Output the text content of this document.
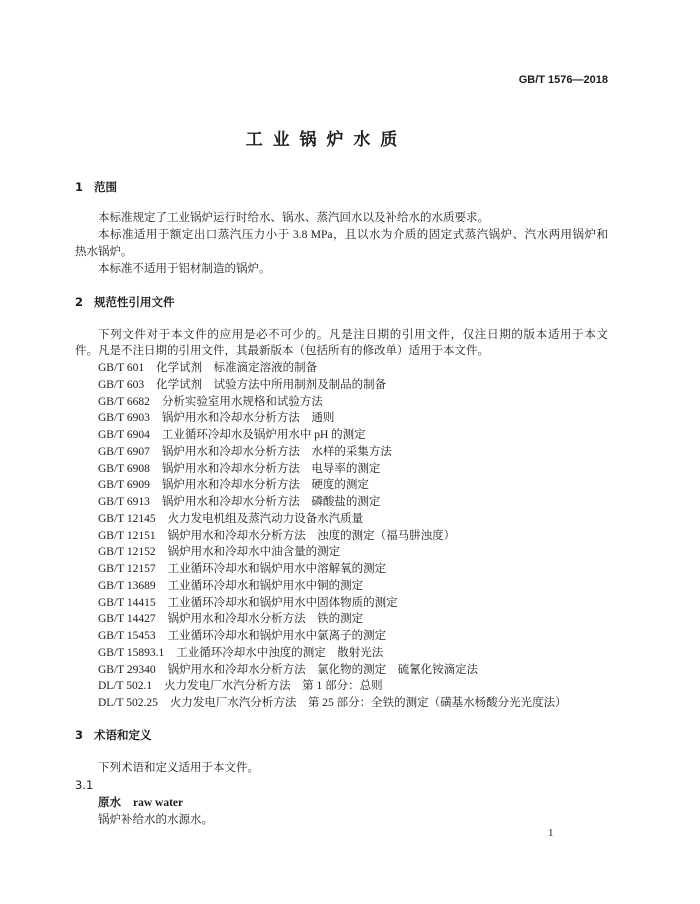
GB/T 1576—2018
工 业 锅 炉 水 质
1 范围
本标准规定了工业锅炉运行时给水、锅水、蒸汽回水以及补给水的水质要求。
本标准适用于额定出口蒸汽压力小于 3.8 MPa，且以水为介质的固定式蒸汽锅炉、汽水两用锅炉和
热水锅炉。
本标准不适用于铝材制造的锅炉。
2 规范性引用文件
下列文件对于本文件的应用是必不可少的。凡是注日期的引用文件，仅注日期的版本适用于本文
件。凡是不注日期的引用文件，其最新版本（包括所有的修改单）适用于本文件。
GB/T 601 化学试剂　标准滴定溶液的制备
GB/T 603 化学试剂　试验方法中所用制剂及制品的制备
GB/T 6682 分析实验室用水规格和试验方法
GB/T 6903 锅炉用水和冷却水分析方法　通则
GB/T 6904 工业循环冷却水及锅炉用水中 pH 的测定
GB/T 6907 锅炉用水和冷却水分析方法　水样的采集方法
GB/T 6908 锅炉用水和冷却水分析方法　电导率的测定
GB/T 6909 锅炉用水和冷却水分析方法　硬度的测定
GB/T 6913 锅炉用水和冷却水分析方法　磷酸盐的测定
GB/T 12145 火力发电机组及蒸汽动力设备水汽质量
GB/T 12151 锅炉用水和冷却水分析方法　浊度的测定（福马肼浊度）
GB/T 12152 锅炉用水和冷却水中油含量的测定
GB/T 12157 工业循环冷却水和锅炉用水中溶解氧的测定
GB/T 13689 工业循环冷却水和锅炉用水中铜的测定
GB/T 14415 工业循环冷却水和锅炉用水中固体物质的测定
GB/T 14427 锅炉用水和冷却水分析方法　铁的测定
GB/T 15453 工业循环冷却水和锅炉用水中氯离子的测定
GB/T 15893.1 工业循环冷却水中浊度的测定　散射光法
GB/T 29340 锅炉用水和冷却水分析方法　氯化物的测定　硫氰化铵滴定法
DL/T 502.1 火力发电厂水汽分析方法　第 1 部分：总则
DL/T 502.25 火力发电厂水汽分析方法　第 25 部分：全铁的测定（磺基水杨酸分光光度法）
3 术语和定义
下列术语和定义适用于本文件。
3.1
原水 raw water
锅炉补给水的水源水。
1
